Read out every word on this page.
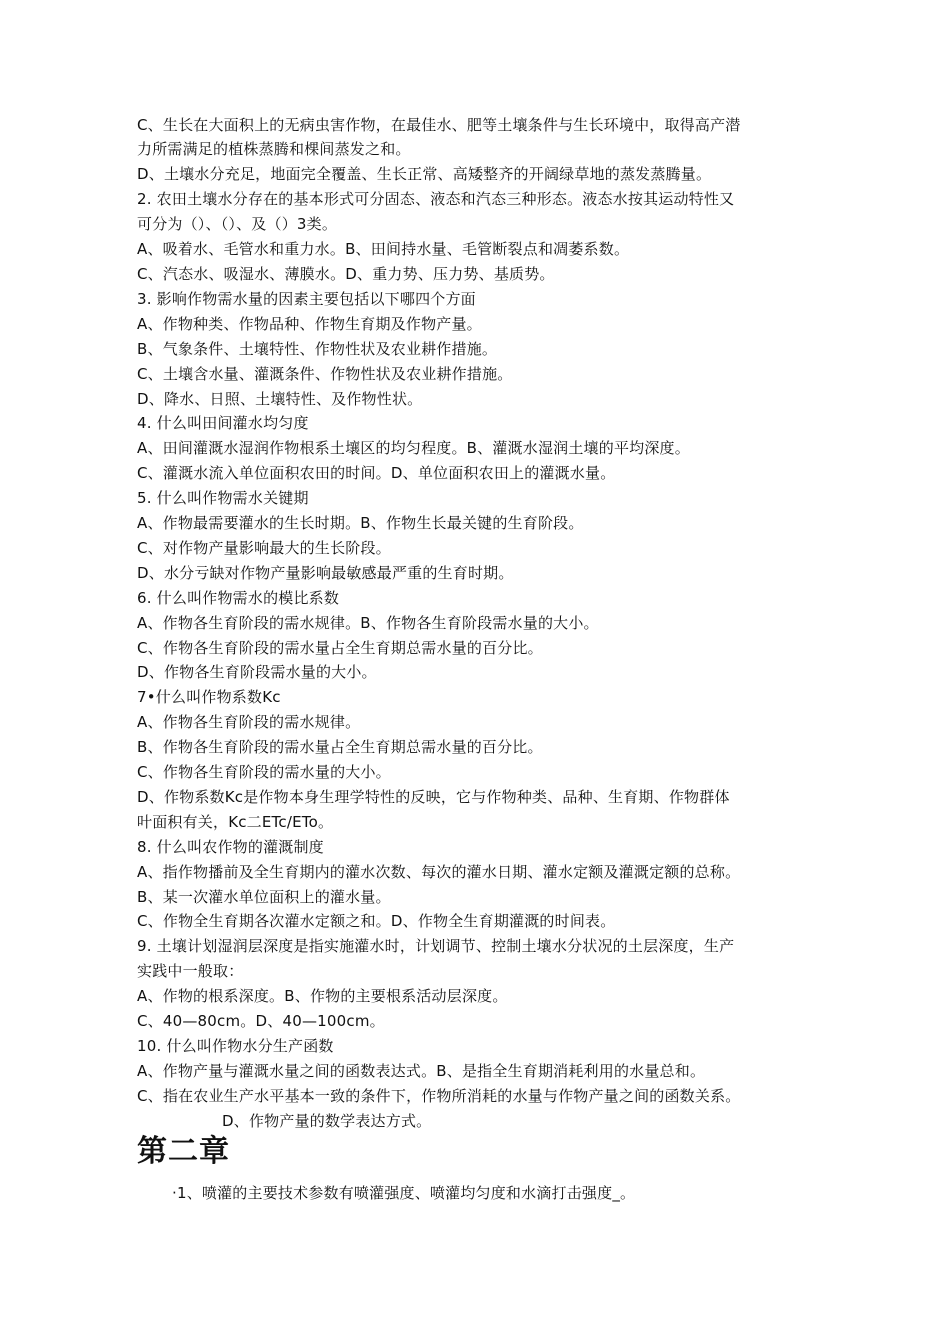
C、生长在大面积上的无病虫害作物，在最佳水、肥等土壤条件与生长环境中，取得高产潜
力所需满足的植株蒸腾和棵间蒸发之和。
D、土壤水分充足，地面完全覆盖、生长正常、高矮整齐的开阔绿草地的蒸发蒸腾量。
2. 农田土壤水分存在的基本形式可分固态、液态和汽态三种形态。液态水按其运动特性又
可分为（）、（）、及（）3类。
A、吸着水、毛管水和重力水。B、田间持水量、毛管断裂点和凋萎系数。
C、汽态水、吸湿水、薄膜水。D、重力势、压力势、基质势。
3. 影响作物需水量的因素主要包括以下哪四个方面
A、作物种类、作物品种、作物生育期及作物产量。
B、气象条件、土壤特性、作物性状及农业耕作措施。
C、土壤含水量、灌溉条件、作物性状及农业耕作措施。
D、降水、日照、土壤特性、及作物性状。
4. 什么叫田间灌水均匀度
A、田间灌溉水湿润作物根系土壤区的均匀程度。B、灌溉水湿润土壤的平均深度。
C、灌溉水流入单位面积农田的时间。D、单位面积农田上的灌溉水量。
5. 什么叫作物需水关键期
A、作物最需要灌水的生长时期。B、作物生长最关键的生育阶段。
C、对作物产量影响最大的生长阶段。
D、水分亏缺对作物产量影响最敏感最严重的生育时期。
6. 什么叫作物需水的模比系数
A、作物各生育阶段的需水规律。B、作物各生育阶段需水量的大小。
C、作物各生育阶段的需水量占全生育期总需水量的百分比。
D、作物各生育阶段需水量的大小。
7•什么叫作物系数Kc
A、作物各生育阶段的需水规律。
B、作物各生育阶段的需水量占全生育期总需水量的百分比。
C、作物各生育阶段的需水量的大小。
D、作物系数Kc是作物本身生理学特性的反映，它与作物种类、品种、生育期、作物群体
叶面积有关，Kc二ETc/ETo。
8. 什么叫农作物的灌溉制度
A、指作物播前及全生育期内的灌水次数、每次的灌水日期、灌水定额及灌溉定额的总称。
B、某一次灌水单位面积上的灌水量。
C、作物全生育期各次灌水定额之和。D、作物全生育期灌溉的时间表。
9. 土壤计划湿润层深度是指实施灌水时，计划调节、控制土壤水分状况的土层深度，生产
实践中一般取：
A、作物的根系深度。B、作物的主要根系活动层深度。
C、40—80cm。D、40—100cm。
10. 什么叫作物水分生产函数
A、作物产量与灌溉水量之间的函数表达式。B、是指全生育期消耗利用的水量总和。
C、指在农业生产水平基本一致的条件下，作物所消耗的水量与作物产量之间的函数关系。
D、作物产量的数学表达方式。
第二章
·1、喷灌的主要技术参数有喷灌强度、喷灌均匀度和水滴打击强度_。
